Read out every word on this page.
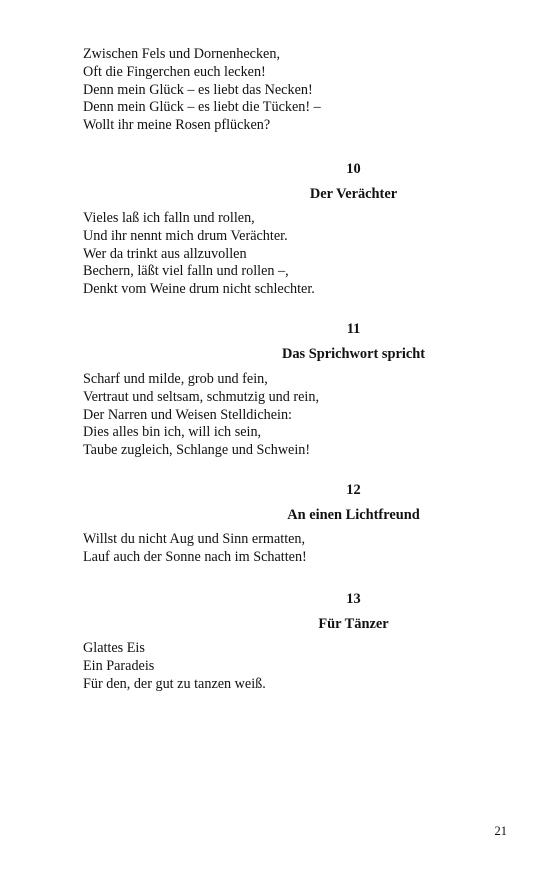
Zwischen Fels und Dornenhecken,

Oft die Fingerchen euch lecken!

Denn mein Glück – es liebt das Necken!

Denn mein Glück – es liebt die Tücken! –

Wollt ihr meine Rosen pflücken?

10

Der Verächter

Vieles laß ich falln und rollen,

Und ihr nennt mich drum Verächter.

Wer da trinkt aus allzuvollen

Bechern, läßt viel falln und rollen –,

Denkt vom Weine drum nicht schlechter.

11

Das Sprichwort spricht

Scharf und milde, grob und fein,

Vertraut und seltsam, schmutzig und rein,

Der Narren und Weisen Stelldichein:

Dies alles bin ich, will ich sein,

Taube zugleich, Schlange und Schwein!

12

An einen Lichtfreund

Willst du nicht Aug und Sinn ermatten,

Lauf auch der Sonne nach im Schatten!

13

Für Tänzer

Glattes Eis

Ein Paradeis

Für den, der gut zu tanzen weiß.

21
